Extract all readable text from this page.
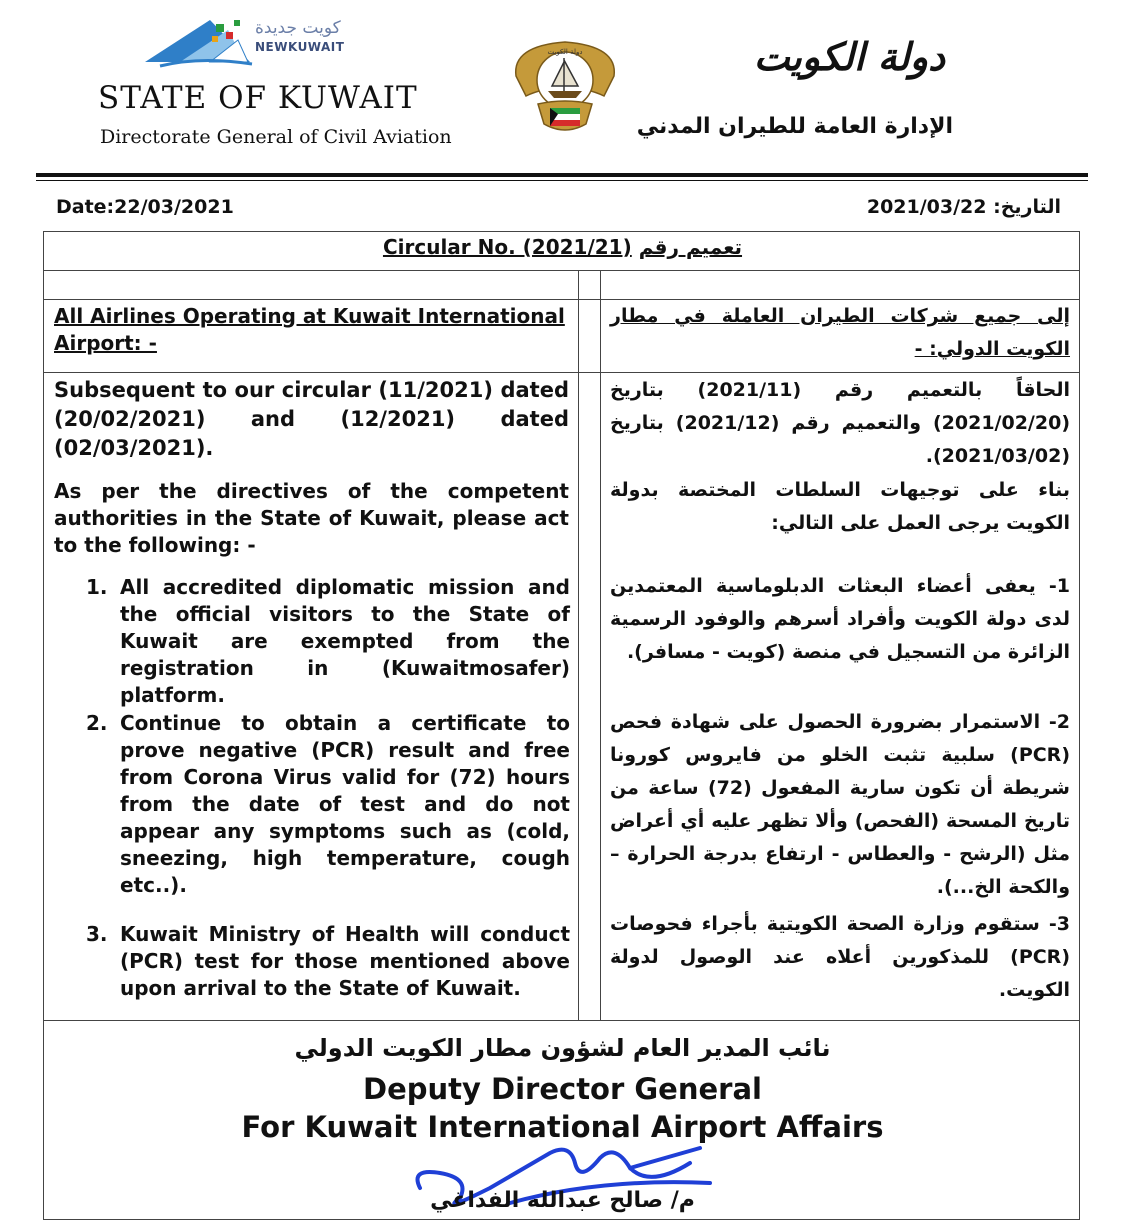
كويت جديدة
NEWKUWAIT
STATE OF KUWAIT
Directorate General of Civil Aviation
دولة الكويت	دولة الكويت
الإدارة العامة للطيران المدني
Date:22/03/2021	التاريخ: 2021/03/22
Circular No. (2021/21) تعميم رقم
All Airlines Operating at Kuwait International Airport: -
إلى جميع شركات الطيران العاملة في مطار الكويت الدولي: -
Subsequent to our circular (11/2021) dated (20/02/2021) and (12/2021) dated (02/03/2021).
As per the directives of the competent authorities in the State of Kuwait, please act to the following: -
1. All accredited diplomatic mission and the official visitors to the State of Kuwait are exempted from the registration in (Kuwaitmosafer) platform.
2. Continue to obtain a certificate to prove negative (PCR) result and free from Corona Virus valid for (72) hours from the date of test and do not appear any symptoms such as (cold, sneezing, high temperature, cough etc..).
3. Kuwait Ministry of Health will conduct (PCR) test for those mentioned above upon arrival to the State of Kuwait.
الحاقاً بالتعميم رقم (2021/11) بتاريخ (2021/02/20) والتعميم رقم (2021/12) بتاريخ (2021/03/02).
بناء على توجيهات السلطات المختصة بدولة الكويت يرجى العمل على التالي:
1- يعفى أعضاء البعثات الدبلوماسية المعتمدين لدى دولة الكويت وأفراد أسرهم والوفود الرسمية الزائرة من التسجيل في منصة (كويت - مسافر).
2- الاستمرار بضرورة الحصول على شهادة فحص (PCR) سلبية تثبت الخلو من فايروس كورونا شريطة أن تكون سارية المفعول (72) ساعة من تاريخ المسحة (الفحص) وألا تظهر عليه أي أعراض مثل (الرشح - والعطاس - ارتفاع بدرجة الحرارة – والكحة الخ...).
3- ستقوم وزارة الصحة الكويتية بأجراء فحوصات (PCR) للمذكورين أعلاه عند الوصول لدولة الكويت.
نائب المدير العام لشؤون مطار الكويت الدولي
Deputy Director General
For Kuwait International Airport Affairs
م/ صالح عبدالله الفداغي
